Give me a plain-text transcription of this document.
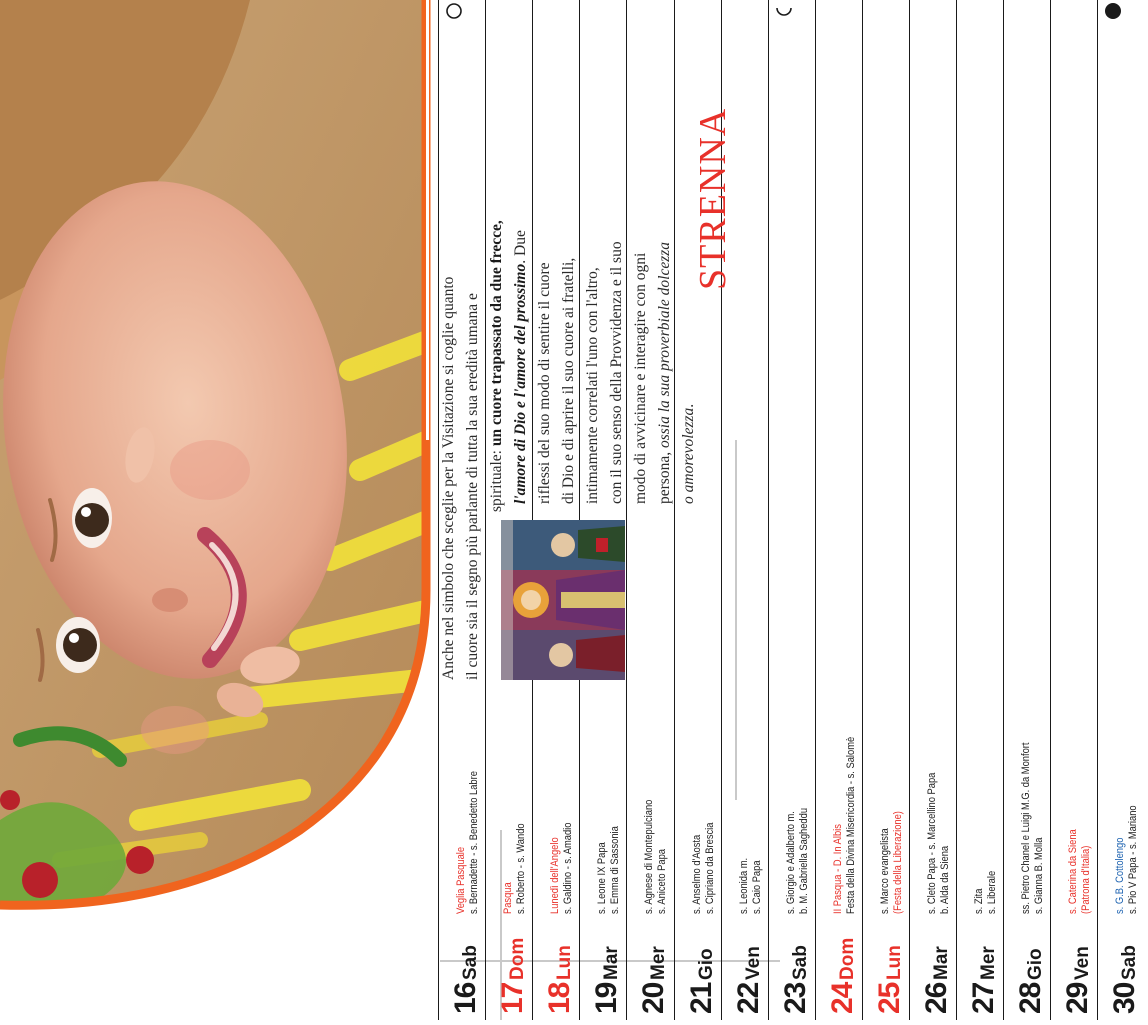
16
Sab
Veglia Pasquale s. Bernadette - s. Benedetto Labre
17
Dom
Pasqua s. Roberto - s. Wando
18
Lun
Lunedì dell'Angelo s. Galdino - s. Amadio
19
Mar
s. Leone IX Papa s. Emma di Sassonia
20
Mer
s. Agnese di Montepulciano s. Aniceto Papa
21
Gio
s. Anselmo d'Aosta s. Cipriano da Brescia
22
Ven
s. Leonida m. s. Caio Papa
23
Sab
s. Giorgio e Adalberto m. b. M. Gabriella Sagheddu
24
Dom
II Pasqua - D. In Albis Festa della Divina Misericordia - s. Salomè
25
Lun
s. Marco evangelista (Festa della Liberazione)
26
Mar
s. Cleto Papa - s. Marcellino Papa b. Alda da Siena
27
Mer
s. Zita s. Liberale
28
Gio
ss. Pietro Chanel e Luigi M.G. da Monfort s. Gianna B. Molla
29
Ven
s. Caterina da Siena (Patrona d'Italia)
30
Sab
s. G.B. Cottolengo s. Pio V Papa - s. Mariano

Anche nel simbolo che sceglie per la Visitazione si coglie quanto il cuore sia il segno più parlante di tutta la sua eredità umana e spirituale: un cuore trapassato da due frecce, l'amore di Dio e l'amore del prossimo. Due

riflessi del suo modo di sentire il cuore di Dio e di aprire il suo cuore ai fratelli, intimamente correlati l'uno con l'altro, con il suo senso della Provvidenza e il suo modo di avvicinare e interagire con ogni persona, ossia la sua proverbiale dolcezza

o amorevolezza.

STRENNA
